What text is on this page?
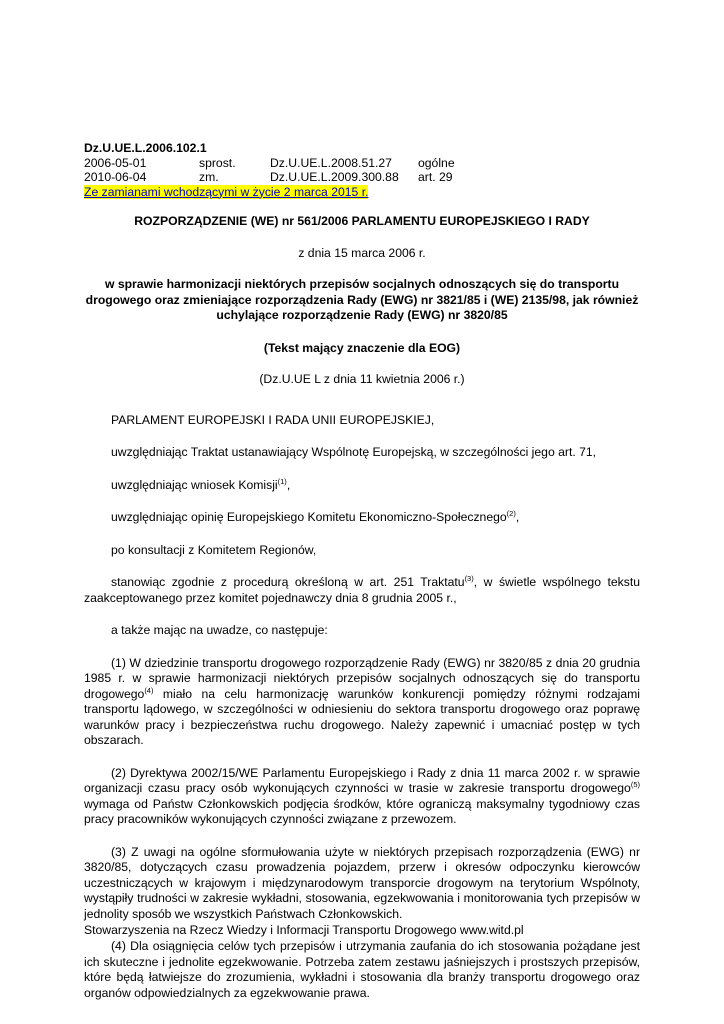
Dz.U.UE.L.2006.102.1
2006-05-01	sprost.	Dz.U.UE.L.2008.51.27 ogólne
2010-06-04	zm.	Dz.U.UE.L.2009.300.88 art. 29
Ze zamianami wchodzącymi w życie 2 marca 2015 r.
ROZPORZĄDZENIE (WE) nr 561/2006 PARLAMENTU EUROPEJSKIEGO I RADY
z dnia 15 marca 2006 r.
w sprawie harmonizacji niektórych przepisów socjalnych odnoszących się do transportu drogowego oraz zmieniające rozporządzenia Rady (EWG) nr 3821/85 i (WE) 2135/98, jak również uchylające rozporządzenie Rady (EWG) nr 3820/85
(Tekst mający znaczenie dla EOG)
(Dz.U.UE L z dnia 11 kwietnia 2006 r.)

PARLAMENT EUROPEJSKI I RADA UNII EUROPEJSKIEJ,

uwzględniając Traktat ustanawiający Wspólnotę Europejską, w szczególności jego art. 71,

uwzględniając wniosek Komisji$^{(1)}$,

uwzględniając opinię Europejskiego Komitetu Ekonomiczno-Społecznego$^{(2)}$,

po konsultacji z Komitetem Regionów,

stanowiąc zgodnie z procedurą określoną w art. 251 Traktatu$^{(3)}$, w świetle wspólnego tekstu zaakceptowanego przez komitet pojednawczy dnia 8 grudnia 2005 r.,

a także mając na uwadze, co następuje:

(1) W dziedzinie transportu drogowego rozporządzenie Rady (EWG) nr 3820/85 z dnia 20 grudnia 1985 r. w sprawie harmonizacji niektórych przepisów socjalnych odnoszących się do transportu drogowego$^{(4)}$ miało na celu harmonizację warunków konkurencji pomiędzy różnymi rodzajami transportu lądowego, w szczególności w odniesieniu do sektora transportu drogowego oraz poprawę warunków pracy i bezpieczeństwa ruchu drogowego. Należy zapewnić i umacniać postęp w tych obszarach.

(2) Dyrektywa 2002/15/WE Parlamentu Europejskiego i Rady z dnia 11 marca 2002 r. w sprawie organizacji czasu pracy osób wykonujących czynności w trasie w zakresie transportu drogowego$^{(5)}$ wymaga od Państw Członkowskich podjęcia środków, które ograniczą maksymalny tygodniowy czas pracy pracowników wykonujących czynności związane z przewozem.

(3) Z uwagi na ogólne sformułowania użyte w niektórych przepisach rozporządzenia (EWG) nr 3820/85, dotyczących czasu prowadzenia pojazdem, przerw i okresów odpoczynku kierowców uczestniczących w krajowym i międzynarodowym transporcie drogowym na terytorium Wspólnoty, wystąpiły trudności w zakresie wykładni, stosowania, egzekwowania i monitorowania tych przepisów w jednolity sposób we wszystkich Państwach Członkowskich.

(4) Dla osiągnięcia celów tych przepisów i utrzymania zaufania do ich stosowania pożądane jest ich skuteczne i jednolite egzekwowanie. Potrzeba zatem zestawu jaśniejszych i prostszych przepisów, które będą łatwiejsze do zrozumienia, wykładni i stosowania dla branży transportu drogowego oraz organów odpowiedzialnych za egzekwowanie prawa.

Stowarzyszenia na Rzecz Wiedzy i Informacji Transportu Drogowego www.witd.pl
